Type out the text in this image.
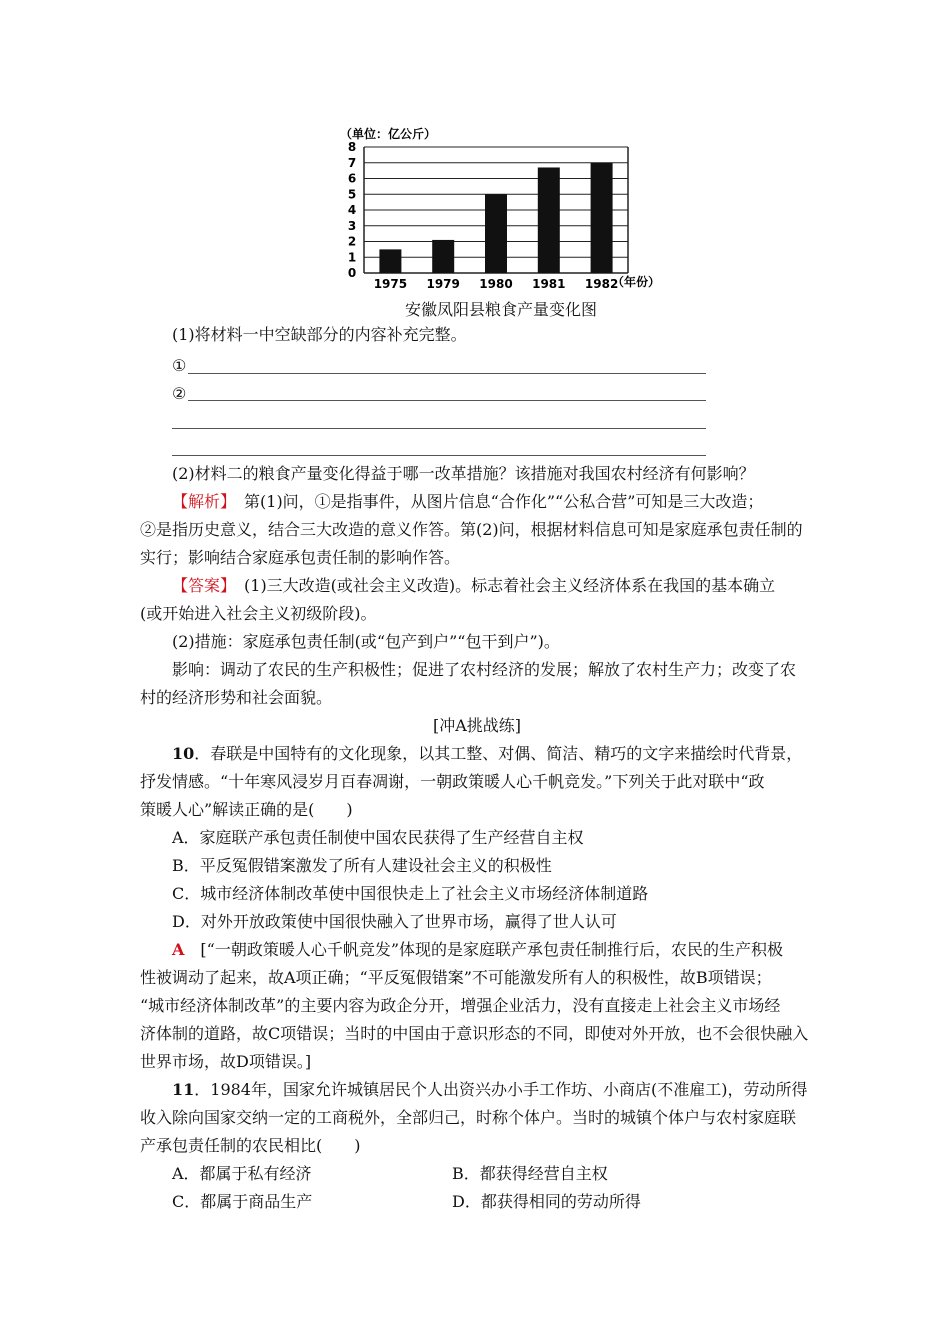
（单位：亿公斤）
0
1
2
3
4
5
6
7
8
1975 1979 1980 1981 1982
（年份）
安徽凤阳县粮食产量变化图
(1)将材料一中空缺部分的内容补充完整。
①
②
(2)材料二的粮食产量变化得益于哪一改革措施？该措施对我国农村经济有何影响？
【解析】　第(1)问，①是指事件，从图片信息“合作化”“公私合营”可知是三大改造；
②是指历史意义，结合三大改造的意义作答。第(2)问，根据材料信息可知是家庭承包责任制的
实行；影响结合家庭承包责任制的影响作答。
【答案】　(1)三大改造(或社会主义改造)。标志着社会主义经济体系在我国的基本确立
(或开始进入社会主义初级阶段)。
(2)措施：家庭承包责任制(或“包产到户”“包干到户”)。
影响：调动了农民的生产积极性；促进了农村经济的发展；解放了农村生产力；改变了农
村的经济形势和社会面貌。
[冲A挑战练]
10．春联是中国特有的文化现象，以其工整、对偶、简洁、精巧的文字来描绘时代背景，
抒发情感。“十年寒风浸岁月百春凋谢，一朝政策暖人心千帆竞发。”下列关于此对联中“政
策暖人心”解读正确的是(　　)
A．家庭联产承包责任制使中国农民获得了生产经营自主权
B．平反冤假错案激发了所有人建设社会主义的积极性
C．城市经济体制改革使中国很快走上了社会主义市场经济体制道路
D．对外开放政策使中国很快融入了世界市场，赢得了世人认可
A　[“一朝政策暖人心千帆竞发”体现的是家庭联产承包责任制推行后，农民的生产积极
性被调动了起来，故A项正确；“平反冤假错案”不可能激发所有人的积极性，故B项错误；
“城市经济体制改革”的主要内容为政企分开，增强企业活力，没有直接走上社会主义市场经
济体制的道路，故C项错误；当时的中国由于意识形态的不同，即使对外开放，也不会很快融入
世界市场，故D项错误。]
11．1984年，国家允许城镇居民个人出资兴办小手工作坊、小商店(不准雇工)，劳动所得
收入除向国家交纳一定的工商税外，全部归己，时称个体户。当时的城镇个体户与农村家庭联
产承包责任制的农民相比(　　)
A．都属于私有经济	B．都获得经营自主权
C．都属于商品生产	D．都获得相同的劳动所得
